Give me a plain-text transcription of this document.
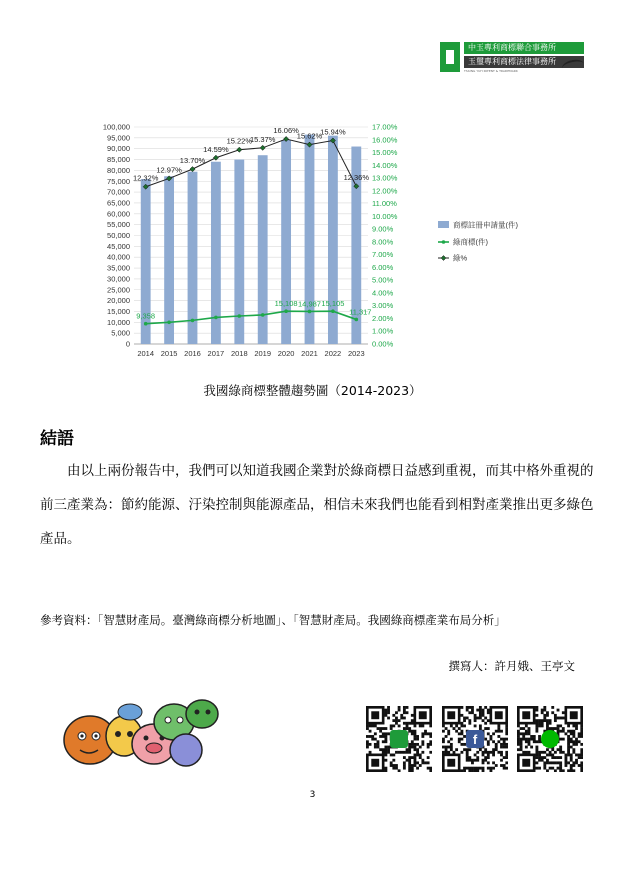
中玉專利商標聯合事務所
玉璽專利商標法律事務所
TSIUNG YUH PATENT & TRADEMARK
0
5,000
10,000
15,000
20,000
25,000
30,000
35,000
40,000
45,000
50,000
55,000
60,000
65,000
70,000
75,000
80,000
85,000
90,000
95,000
100,000
0.00%
1.00%
2.00%
3.00%
4.00%
5.00%
6.00%
7.00%
8.00%
9.00%
10.00%
11.00%
12.00%
13.00%
14.00%
15.00%
16.00%
17.00%
2014 2015 2016 2017 2018 2019 2020 2021 2022 2023
9,358
15,108 14,987 15,105
11,317
12.32%
12.97%
13.70%
14.59%
15.22%
15.37%
16.06%
15.62%
15.94%
12.36%
商標註冊申請量(件)
綠商標(件)
綠%
我國綠商標整體趨勢圖（2014-2023）
結語

由以上兩份報告中，我們可以知道我國企業對於綠商標日益感到重視，而其中格外重視的前三產業為：節約能源、汙染控制與能源產品，相信未來我們也能看到相對產業推出更多綠色產品。

參考資料：「智慧財產局。臺灣綠商標分析地圖」、「智慧財產局。我國綠商標產業布局分析」
撰寫人：許月娥、王亭文
f
3
